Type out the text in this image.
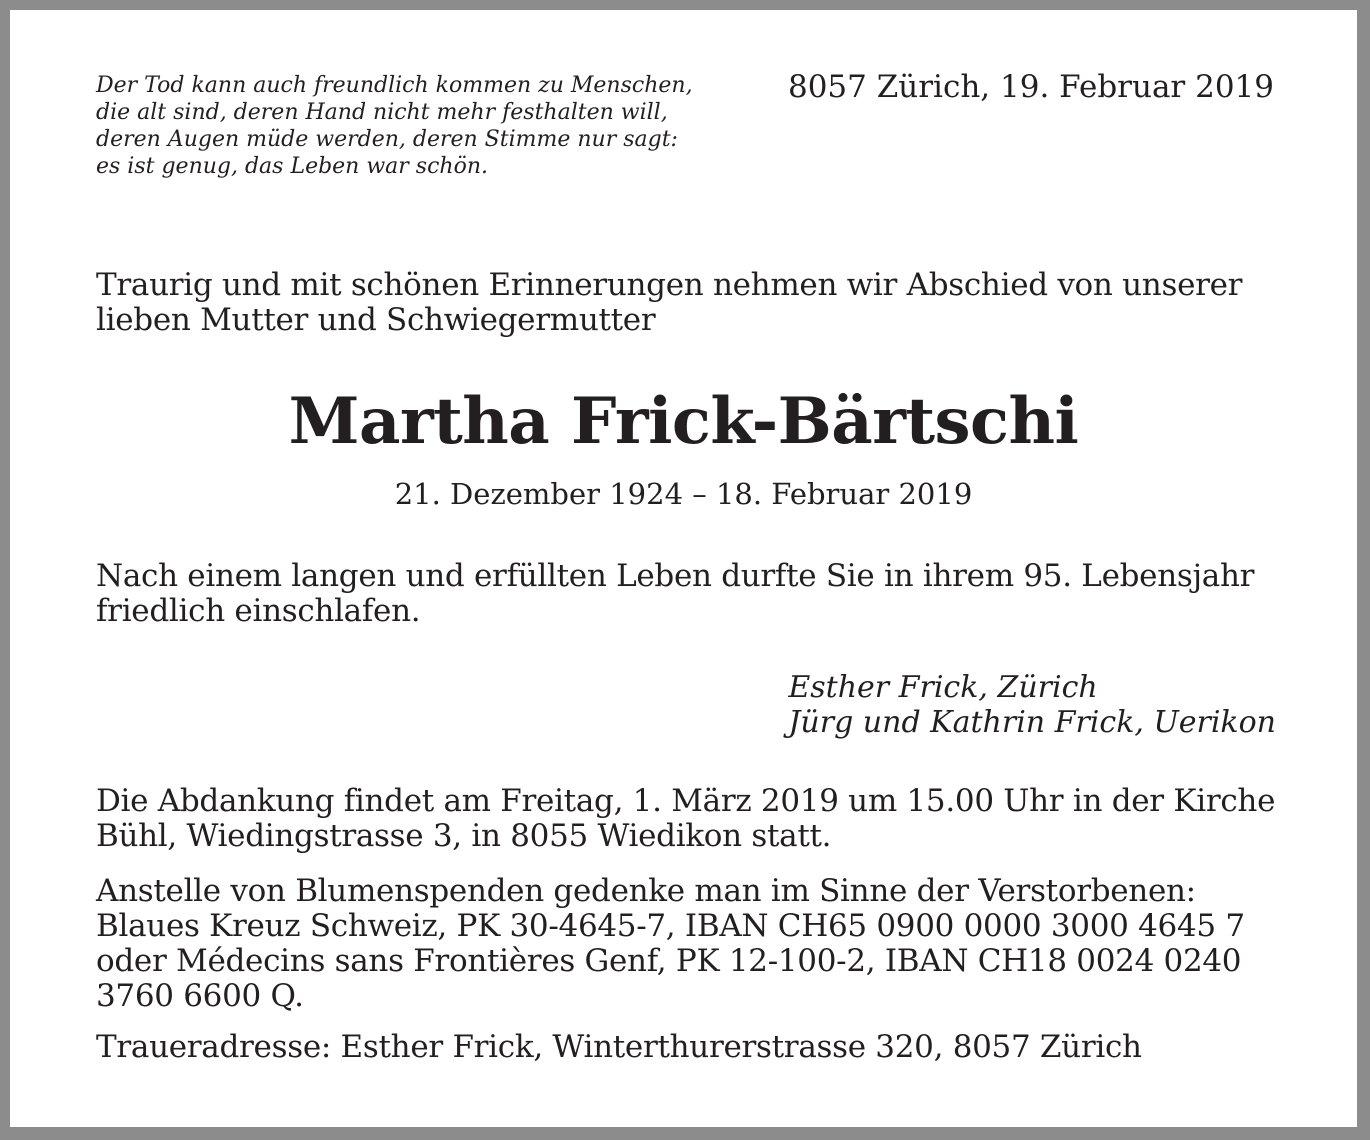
Der Tod kann auch freundlich kommen zu Menschen,
die alt sind, deren Hand nicht mehr festhalten will,
deren Augen müde werden, deren Stimme nur sagt:
es ist genug, das Leben war schön.
8057 Zürich, 19. Februar 2019
Traurig und mit schönen Erinnerungen nehmen wir Abschied von unserer
lieben Mutter und Schwiegermutter
Martha Frick-Bärtschi
21. Dezember 1924 – 18. Februar 2019
Nach einem langen und erfüllten Leben durfte Sie in ihrem 95. Lebensjahr
friedlich einschlafen.
Esther Frick, Zürich
Jürg und Kathrin Frick, Uerikon
Die Abdankung findet am Freitag, 1. März 2019 um 15.00 Uhr in der Kirche
Bühl, Wiedingstrasse 3, in 8055 Wiedikon statt.
Anstelle von Blumenspenden gedenke man im Sinne der Verstorbenen:
Blaues Kreuz Schweiz, PK 30-4645-7, IBAN CH65 0900 0000 3000 4645 7
oder Médecins sans Frontières Genf, PK 12-100-2, IBAN CH18 0024 0240
3760 6600 Q.
Traueradresse: Esther Frick, Winterthurerstrasse 320, 8057 Zürich
